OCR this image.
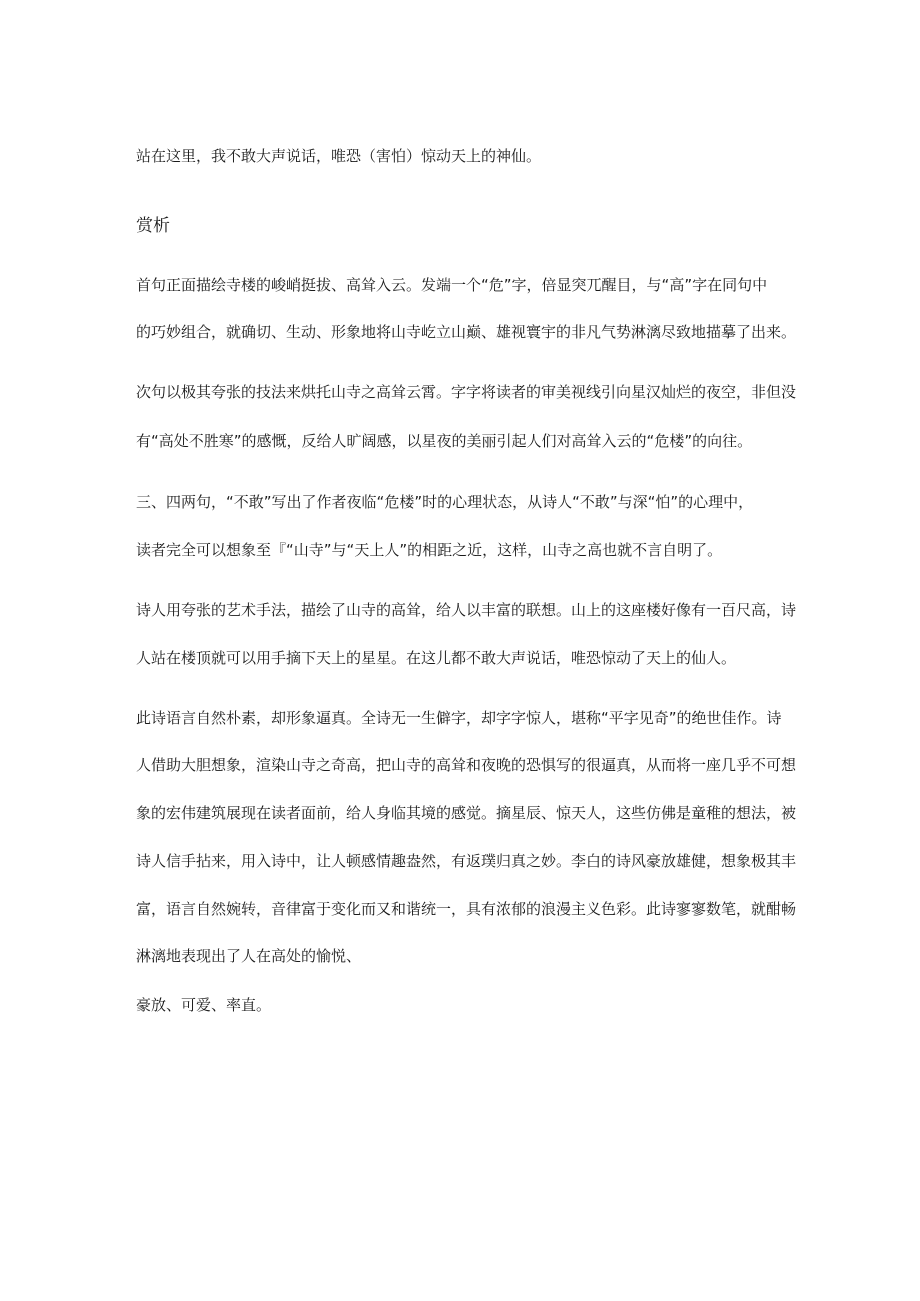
站在这里，我不敢大声说话，唯恐（害怕）惊动天上的神仙。
赏析
首句正面描绘寺楼的峻峭挺拔、高耸入云。发端一个“危”字，倍显突兀醒目，与“高”字在同句中
的巧妙组合，就确切、生动、形象地将山寺屹立山巅、雄视寰宇的非凡气势淋漓尽致地描摹了出来。
次句以极其夸张的技法来烘托山寺之高耸云霄。字字将读者的审美视线引向星汉灿烂的夜空，非但没
有“高处不胜寒”的感慨，反给人旷阔感，以星夜的美丽引起人们对高耸入云的“危楼”的向往。
三、四两句，“不敢”写出了作者夜临“危楼”时的心理状态，从诗人“不敢”与深“怕”的心理中，
读者完全可以想象至『“山寺”与“天上人”的相距之近，这样，山寺之高也就不言自明了。
诗人用夸张的艺术手法，描绘了山寺的高耸，给人以丰富的联想。山上的这座楼好像有一百尺高，诗
人站在楼顶就可以用手摘下天上的星星。在这儿都不敢大声说话，唯恐惊动了天上的仙人。
此诗语言自然朴素，却形象逼真。全诗无一生僻字，却字字惊人，堪称“平字见奇”的绝世佳作。诗
人借助大胆想象，渲染山寺之奇高，把山寺的高耸和夜晚的恐惧写的很逼真，从而将一座几乎不可想
象的宏伟建筑展现在读者面前，给人身临其境的感觉。摘星辰、惊天人，这些仿佛是童稚的想法，被
诗人信手拈来，用入诗中，让人顿感情趣盎然，有返璞归真之妙。李白的诗风豪放雄健，想象极其丰
富，语言自然婉转，音律富于变化而又和谐统一，具有浓郁的浪漫主义色彩。此诗寥寥数笔，就酣畅
淋漓地表现出了人在高处的愉悦、
豪放、可爱、率直。
